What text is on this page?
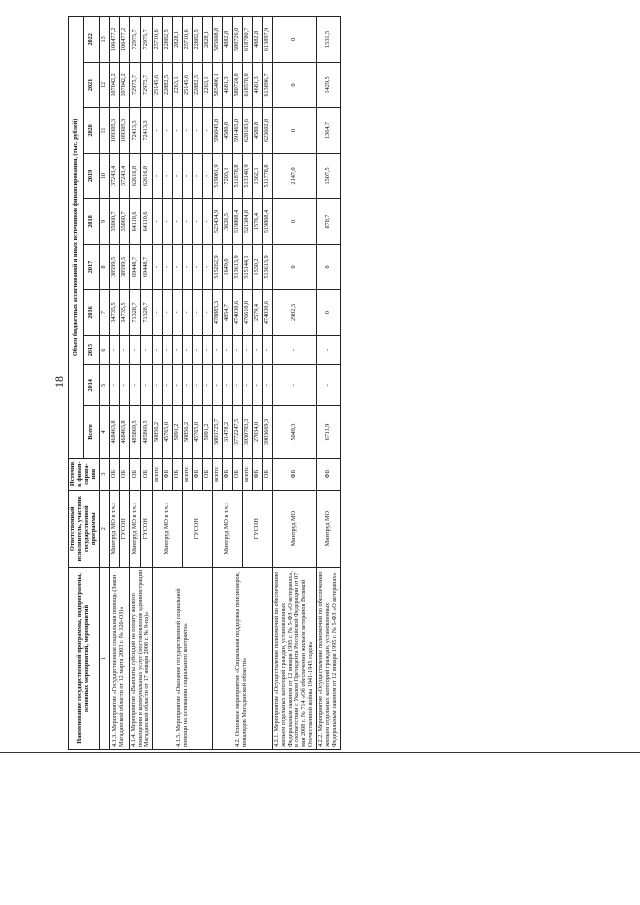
18
Наименование государственной программы, подпрограммы, основных мероприятий, мероприятий	Ответственный исполнитель, участник государственной программы	Источник финан-сирова-ния	Объем бюджетных ассигнований и иных источников финансирования, (тыс. рублей)									
			Всего	2014	2015	2016	2017	2018	2019	2020	2021	2022
1	2	3	4	5	6	7	8	9	10	11	12	13
4.1.3. Мероприятие «Государственная социальная помощь (Закон Магаданской области от 12 марта 2003 г. № 320-ОЗ)»	Минтруд МО в т.ч.:	ОБ	468463,8	-	-	34735,5	38599,5	35060,7	37243,4	109305,3	107042,2	106477,2
	ГУСОН	ОБ	468463,8	-	-	34735,5	38599,5	35060,7	37243,4	109305,3	107042,2	106477,2
4.1.4. Мероприятие «Выплаты субсидий на оплату жилого помещения и коммунальных услуг (постановление администрации Магаданской области от 17 января 2008 г. № 9-па)»	Минтруд МО в т.ч.:	ОБ	485869,5	-	-	71328,7	69448,7	64110,6	62616,8	72413,3	72975,7	72975,7
	ГУСОН	ОБ	485869,5	-	-	71328,7	69448,7	64110,6	62616,8	72413,3	72975,7	72975,7
4.1.5. Мероприятие «Оказание государственной социальной помощи на основании социального контракта»	Минтруд МО в т.ч.:	всего:	50856,2	-	-	-	-	-	-	-	25145,6	25710,6
		ФБ	45765,0	-	-	-	-	-	-	-	22882,5	22882,5
		ОБ	5091,2	-	-	-	-	-	-	-	2263,1	2828,1
	ГУСОН	всего:	50856,2	-	-	-	-	-	-	-	25145,6	25710,6
		ФБ	45765,0	-	-	-	-	-	-	-	22882,5	22882,5
		ОБ	5091,2	-	-	-	-	-	-	-	2263,1	2828,1
4.2. Основное мероприятие «Социальная поддержка пенсионеров, инвалидов Магаданской области»	Минтруд МО в т.ч.:	всего:	3803725,7	-	-	478885,3	515262,9	523434,9	519081,9	596045,8	585406,1	585608,8
		ФБ	31478,2	-	-	4854,7	1649,0	3626,5	7203,1	4580,8	4681,3	4882,8
		ОБ	3772247,5	-	-	474030,6	513613,9	519808,4	511878,8	591465,0	580724,8	580726,0
	ГУСОН	всего:	3930703,3	-	-	476610,0	515144,1	521384,8	513140,9	628183,6	618578,0	618780,7
		ФБ	27034,0	-	-	2579,4	1530,2	1576,4	1362,1	4580,8	4681,3	4882,8
		ОБ	3903669,3	-	-	474030,6	513613,9	519808,4	511778,8	623602,8	613896,7	613897,9
4.2.1. Мероприятие «Осуществление полномочий по обеспечению жильем отдельных категорий граждан, установленных Федеральным законом от 12 января 1995 г. № 5-ФЗ «О ветеранах», в соответствии с Указом Президента Российской Федерации от 07 мая 2008 г. № 714 «Об обеспечении жильем ветеранов Великой Отечественной войны 1941-1945 годов»	Минтруд МО	ФБ	5049,3	-	-	2902,3	0	0	2147,0	0	0	0
4.2.2. Мероприятие «Осуществление полномочий по обеспечению жильем отдельных категорий граждан, установленных Федеральным законом от 12 января 1995 г. № 5-ФЗ «О ветеранах»	Минтруд МО	ФБ	6711,9	-	-	0	0	878,7	1507,5	1364,7	1429,5	1531,5
